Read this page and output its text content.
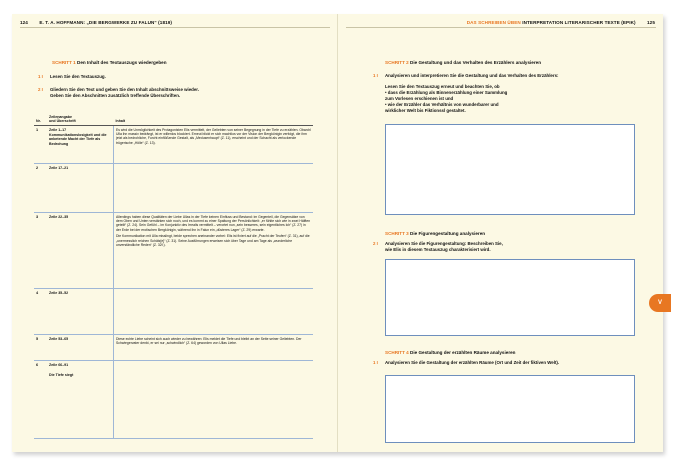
124 E. T. A. HOFFMANN: „DIE BERGWERKE ZU FALUN“ (1819)
SCHRITT 1 Den Inhalt des Textauszugs wiedergeben
1 I Lesen Sie den Textauszug.
2 I Gliedern Sie den Text und geben Sie den Inhalt abschnittsweise wieder.
Geben Sie den Abschnitten zusätzlich treffende Überschriften.
Nr.	Zeilenangabe
und Überschrift	Inhalt
1	Zeile 1–17
Kommunikationslosigkeit und die anbetende Macht der Tiefe als Bedrohung	Es wird die Unmöglichkeit des Protagonisten Elis vermittelt, der Geliebten von seiner Begegnung in der Tiefe zu erzählen. Obwohl Ulla ihn massiv bedrängt, ist er willenlos blockiert. Erneut blickt er sich machtlos vor der Vision der Bergkönigin verfolgt, die ihm jetzt als bedrohliche, Furcht einflößende Gestalt, als „Medusenhaupt“ (Z. 11), erscheint und der Schacht als verlockende trügerische „Hölle“ (Z. 13).
2	Zeile 17–21	
3	Zeile 22–35	Allerdings haben diese Qualitäten der Liebe Ullas in der Tiefe keinen Einfluss und Bestand: im Gegenteil, die Gegensätze von dem Oben und Unten verstärken sich noch, und es kommt zu einer Spaltung der Persönlichkeit: „er fühlte sich wie in zwei Hälften geteilt“ (Z. 24). Sein Gefühl – im Konjunktiv des Irrealis vermittelt – verortet nun „sein besseres, sein eigentliches Ich“ (Z. 27) in der Erde bei der erotischen Bergkönigin, während ihn in Falun ein „düsteres Lager“ (Z. 29) erwarte.
Die Kommunikation mit Ulla misslingt, beide sprechen aneinander vorbei: Elis ist fixiert auf die „Pracht der Teufen“ (Z. 31), auf die „unermesslich reichen Schätz[e]“ (Z. 31). Seine Ausführungen erweisen sich über Tage und am Tage als „wunderliche unverständliche Reden“ (Z. 32f.).

4	Zeile 35–52	
5	Zeile 53–65	Diese echte Liebe scheint sich auch wieder zu bewähren: Elis meldet die Tiefe und bleibt an der Seite seiner Geliebten. Der Schwiegervater denkt, er sei nur „schwindlich“ (Z. 64) geworden von Ullas Liebe.
6	Zeile 66–91
Die Tiefe siegt	

DAS SCHREIBEN ÜBEN INTERPRETATION LITERARISCHER TEXTE (EPIK) 125
SCHRITT 2 Die Gestaltung und das Verhalten des Erzählers analysieren
1 I Analysieren und interpretieren Sie die Gestaltung und das Verhalten des Erzählers:
Lesen Sie den Textauszug erneut und beachten Sie, ob
• dass die Erzählung als Binnenerzählung einer Sammlung
zum Vorlesen erschienen ist und
• wie der Erzähler das Verhältnis von wunderbarer und
wirklicher Welt bis Fiktionssl gestaltet.
SCHRITT 3 Die Figurengestaltung analysieren
2 I Analysieren Sie die Figurengestaltung: Beschreiben Sie,
wie Elis in diesem Textauszug charakterisiert wird.
SCHRITT 4 Die Gestaltung der erzählten Räume analysieren
1 I Analysieren Sie die Gestaltung der erzählten Räume (Ort und Zeit der fiktiven Welt).
V
